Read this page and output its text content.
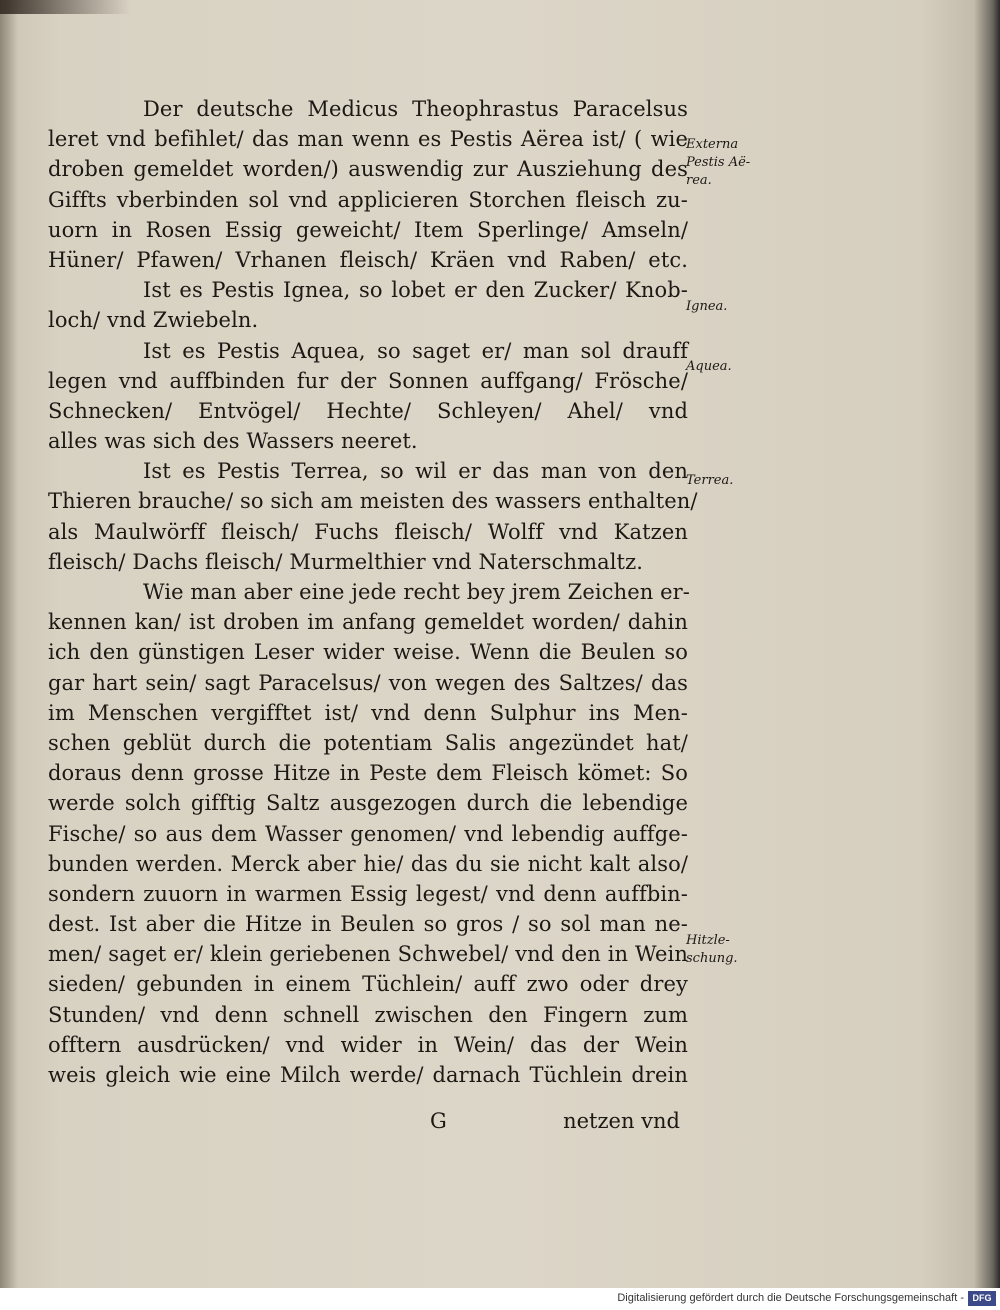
Der deutsche Medicus Theophrastus Paracelsus
leret vnd befihlet/ das man wenn es Pestis Aërea ist/ ( wie
droben gemeldet worden/) auswendig zur Ausziehung des
Giffts vberbinden sol vnd applicieren Storchen fleisch zu-
uorn in Rosen Essig geweicht/ Item Sperlinge/ Amseln/
Hüner/ Pfawen/ Vrhanen fleisch/ Kräen vnd Raben/ etc.
Ist es Pestis Ignea, so lobet er den Zucker/ Knob-
loch/ vnd Zwiebeln.
Ist es Pestis Aquea, so saget er/ man sol drauff
legen vnd auffbinden fur der Sonnen auffgang/ Frösche/
Schnecken/ Entvögel/ Hechte/ Schleyen/ Ahel/ vnd
alles was sich des Wassers neeret.
Ist es Pestis Terrea, so wil er das man von den
Thieren brauche/ so sich am meisten des wassers enthalten/
als Maulwörff fleisch/ Fuchs fleisch/ Wolff vnd Katzen
fleisch/ Dachs fleisch/ Murmelthier vnd Naterschmaltz.
Wie man aber eine jede recht bey jrem Zeichen er-
kennen kan/ ist droben im anfang gemeldet worden/ dahin
ich den günstigen Leser wider weise. Wenn die Beulen so
gar hart sein/ sagt Paracelsus/ von wegen des Saltzes/ das
im Menschen vergifftet ist/ vnd denn Sulphur ins Men-
schen geblüt durch die potentiam Salis angezündet hat/
doraus denn grosse Hitze in Peste dem Fleisch kömet: So
werde solch gifftig Saltz ausgezogen durch die lebendige
Fische/ so aus dem Wasser genomen/ vnd lebendig auffge-
bunden werden. Merck aber hie/ das du sie nicht kalt also/
sondern zuuorn in warmen Essig legest/ vnd denn auffbin-
dest. Ist aber die Hitze in Beulen so gros / so sol man ne-
men/ saget er/ klein geriebenen Schwebel/ vnd den in Wein
sieden/ gebunden in einem Tüchlein/ auff zwo oder drey
Stunden/ vnd denn schnell zwischen den Fingern zum
offtern ausdrücken/ vnd wider in Wein/ das der Wein
weis gleich wie eine Milch werde/ darnach Tüchlein drein
G	netzen vnd
Externa
Pestis Aë-
rea.
Ignea.
Aquea.
Terrea.
Hitzle-
schung.
Digitalisierung gefördert durch die Deutsche Forschungsgemeinschaft - DFG
